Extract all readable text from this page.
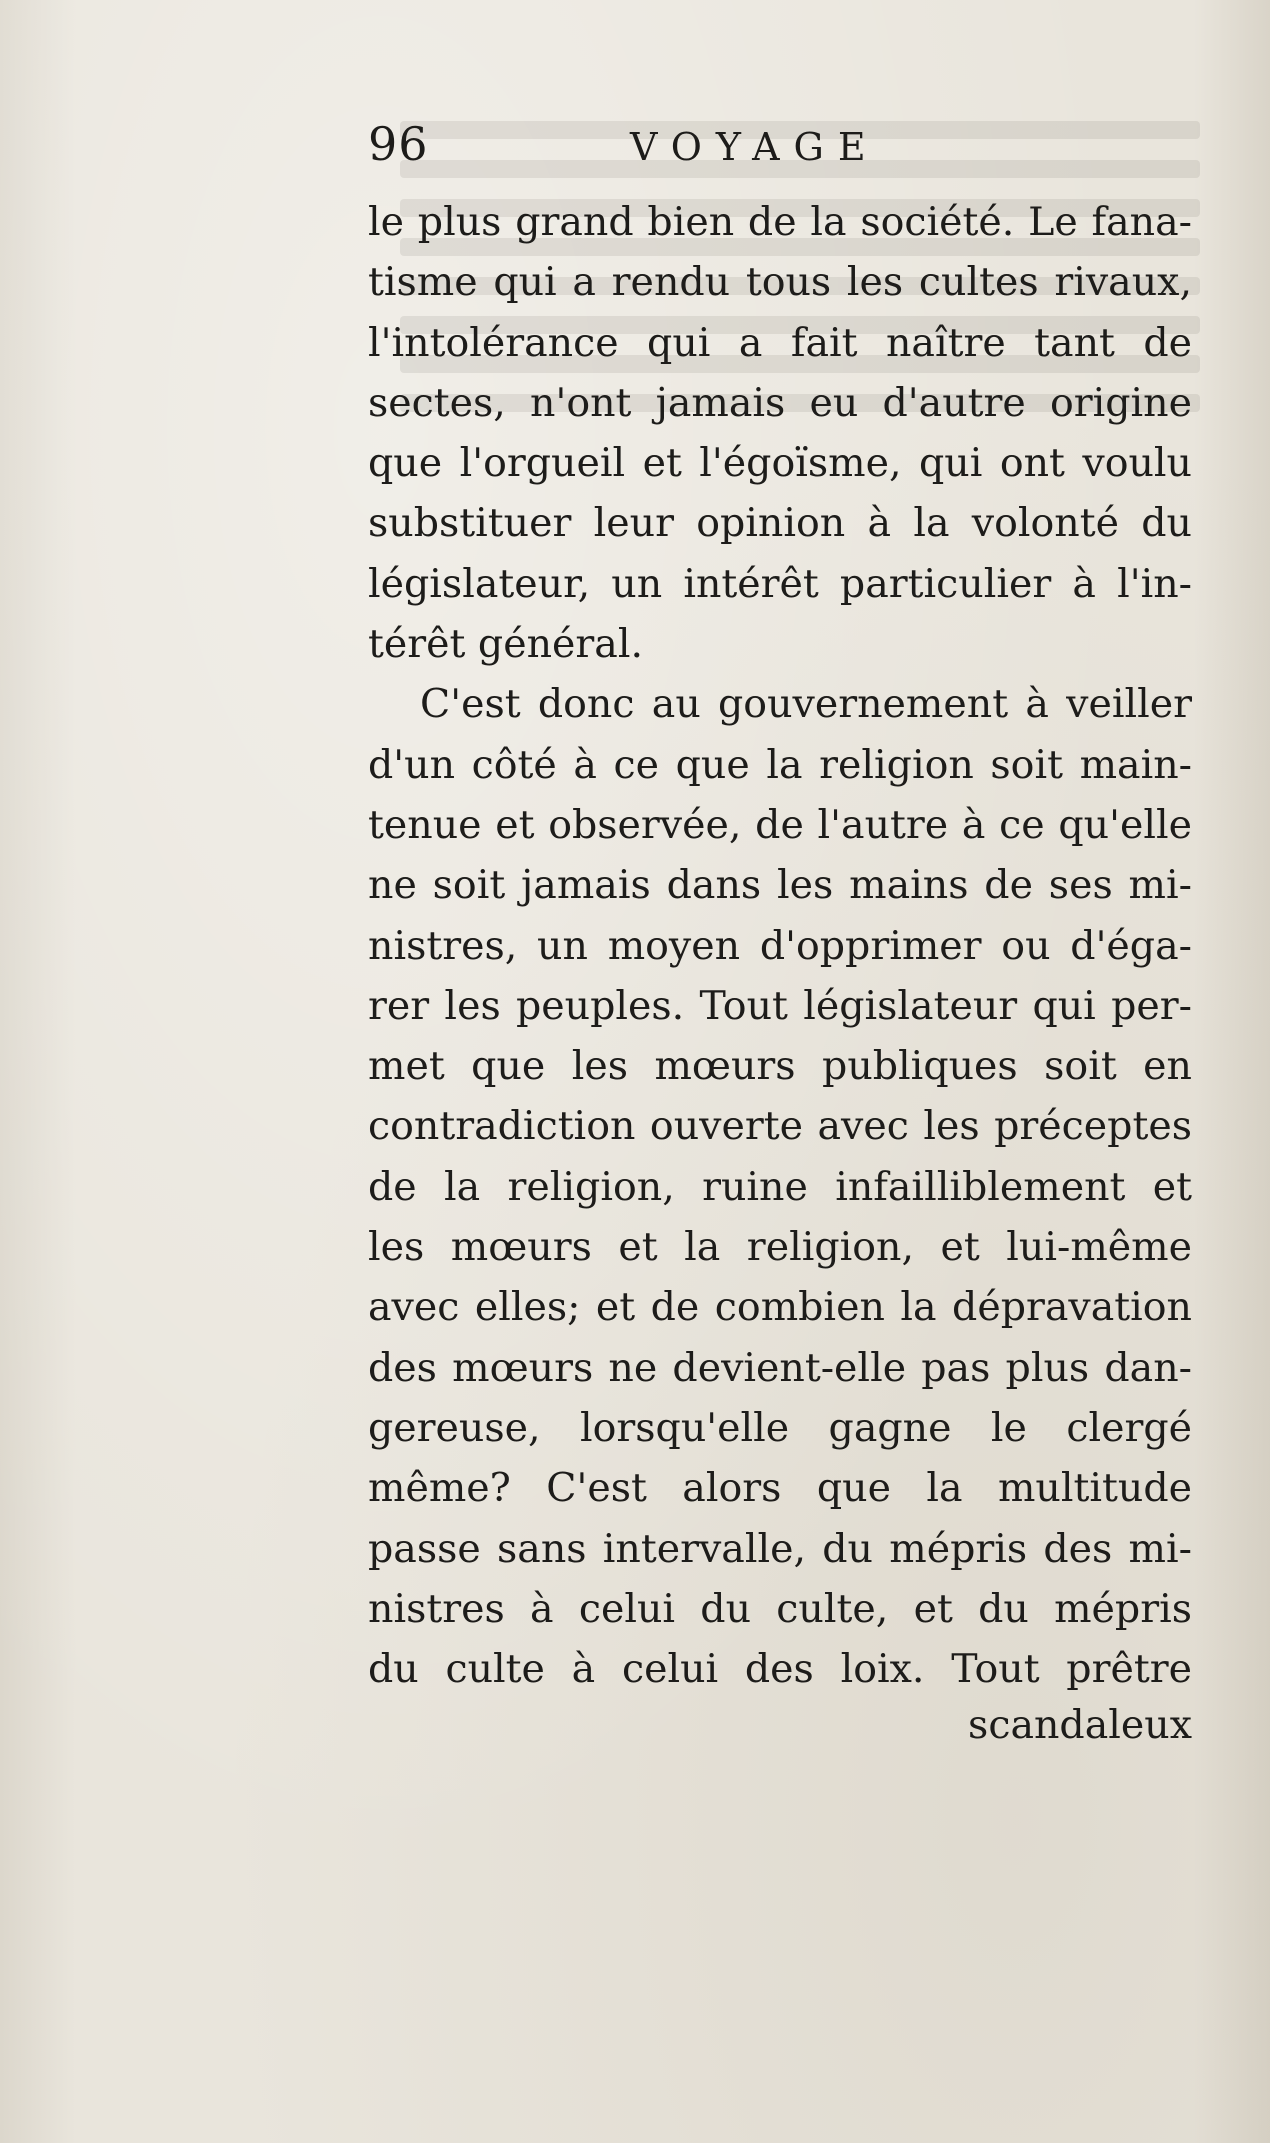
96	VOYAGE
le plus grand bien de la société. Le fana-
tisme qui a rendu tous les cultes rivaux,
l'intolérance qui a fait naître tant de
sectes, n'ont jamais eu d'autre origine
que l'orgueil et l'égoïsme, qui ont voulu
substituer leur opinion à la volonté du
législateur, un intérêt particulier à l'in-
térêt général.
C'est donc au gouvernement à veiller
d'un côté à ce que la religion soit main-
tenue et observée, de l'autre à ce qu'elle
ne soit jamais dans les mains de ses mi-
nistres, un moyen d'opprimer ou d'éga-
rer les peuples. Tout législateur qui per-
met que les mœurs publiques soit en
contradiction ouverte avec les préceptes
de la religion, ruine infailliblement et
les mœurs et la religion, et lui-même
avec elles; et de combien la dépravation
des mœurs ne devient-elle pas plus dan-
gereuse, lorsqu'elle gagne le clergé
même? C'est alors que la multitude
passe sans intervalle, du mépris des mi-
nistres à celui du culte, et du mépris
du culte à celui des loix. Tout prêtre
scandaleux
